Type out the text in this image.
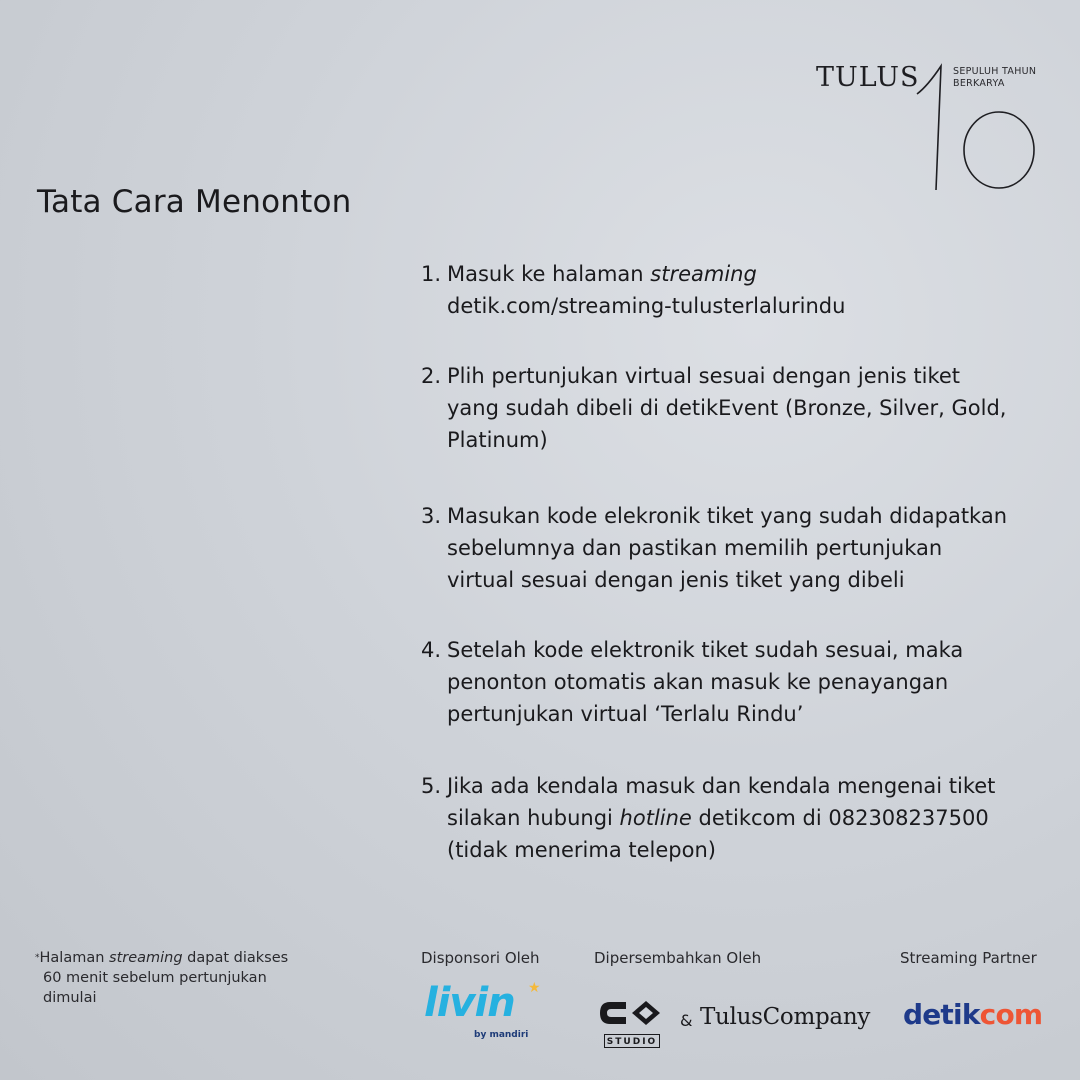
TULUS	SEPULUH TAHUN
BERKARYA
Tata Cara Menonton
1. Masuk ke halaman streaming
detik.com/streaming-tulusterlalurindu
2. Plih pertunjukan virtual sesuai dengan jenis tiket
yang sudah dibeli di detikEvent (Bronze, Silver, Gold,
Platinum)
3. Masukan kode elekronik tiket yang sudah didapatkan
sebelumnya dan pastikan memilih pertunjukan
virtual sesuai dengan jenis tiket yang dibeli
4. Setelah kode elektronik tiket sudah sesuai, maka
penonton otomatis akan masuk ke penayangan
pertunjukan virtual ‘Terlalu Rindu’
5. Jika ada kendala masuk dan kendala mengenai tiket
silakan hubungi hotline detikcom di 082308237500
(tidak menerima telepon)
*Halaman streaming dapat diakses
60 menit sebelum pertunjukan
dimulai
Disponsori Oleh	Dipersembahkan Oleh	Streaming Partner
livin ★
by mandiri
STUDIO
& TulusCompany detikcom
